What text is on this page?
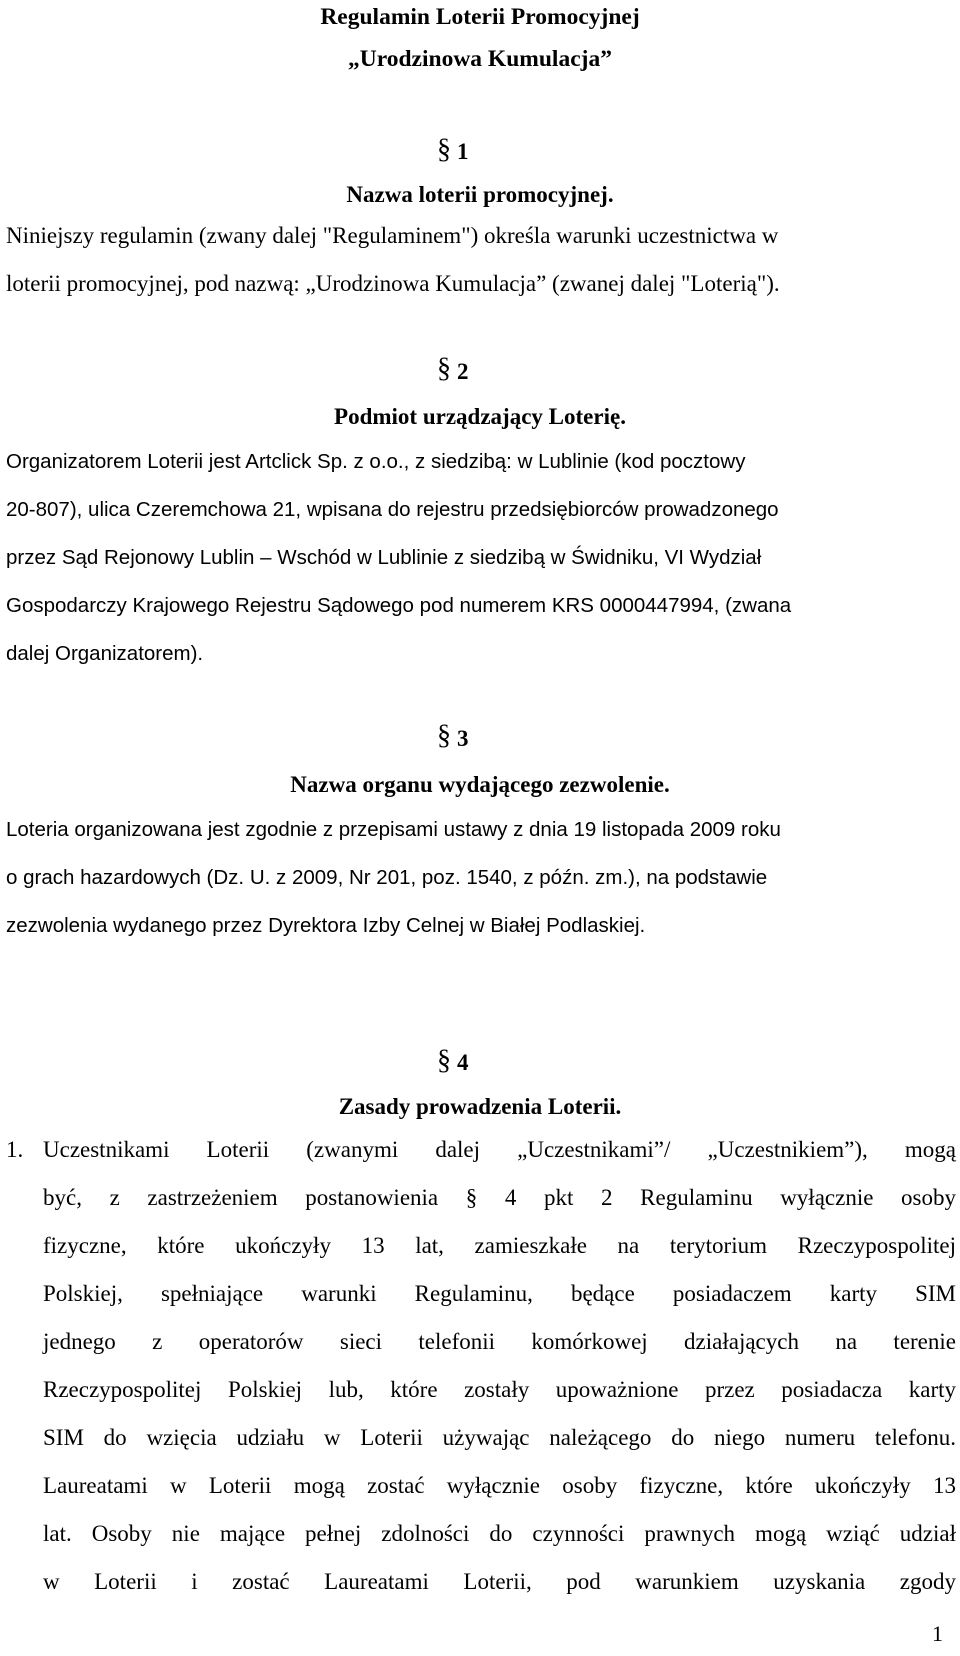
Regulamin Loterii Promocyjnej
„Urodzinowa Kumulacja”
§ 1
Nazwa loterii promocyjnej.
Niniejszy regulamin (zwany dalej "Regulaminem") określa warunki uczestnictwa w
loterii promocyjnej, pod nazwą: „Urodzinowa Kumulacja” (zwanej dalej "Loterią").
§ 2
Podmiot urządzający Loterię.
Organizatorem Loterii jest Artclick Sp. z o.o., z siedzibą: w Lublinie (kod pocztowy
20-807), ulica Czeremchowa 21, wpisana do rejestru przedsiębiorców prowadzonego
przez Sąd Rejonowy Lublin – Wschód w Lublinie z siedzibą w Świdniku, VI Wydział
Gospodarczy Krajowego Rejestru Sądowego pod numerem KRS 0000447994, (zwana
dalej Organizatorem).
§ 3
Nazwa organu wydającego zezwolenie.
Loteria organizowana jest zgodnie z przepisami ustawy z dnia 19 listopada 2009 roku
o grach hazardowych (Dz. U. z 2009, Nr 201, poz. 1540, z późn. zm.), na podstawie
zezwolenia wydanego przez Dyrektora Izby Celnej w Białej Podlaskiej.
§ 4
Zasady prowadzenia Loterii.
1. Uczestnikami Loterii (zwanymi dalej „Uczestnikami”/ „Uczestnikiem”), mogą
być, z zastrzeżeniem postanowienia § 4 pkt 2 Regulaminu wyłącznie osoby
fizyczne, które ukończyły 13 lat, zamieszkałe na terytorium Rzeczypospolitej
Polskiej, spełniające warunki Regulaminu, będące posiadaczem karty SIM
jednego z operatorów sieci telefonii komórkowej działających na terenie
Rzeczypospolitej Polskiej lub, które zostały upoważnione przez posiadacza karty
SIM do wzięcia udziału w Loterii używając należącego do niego numeru telefonu.
Laureatami w Loterii mogą zostać wyłącznie osoby fizyczne, które ukończyły 13
lat. Osoby nie mające pełnej zdolności do czynności prawnych mogą wziąć udział
w Loterii i zostać Laureatami Loterii, pod warunkiem uzyskania zgody
1
